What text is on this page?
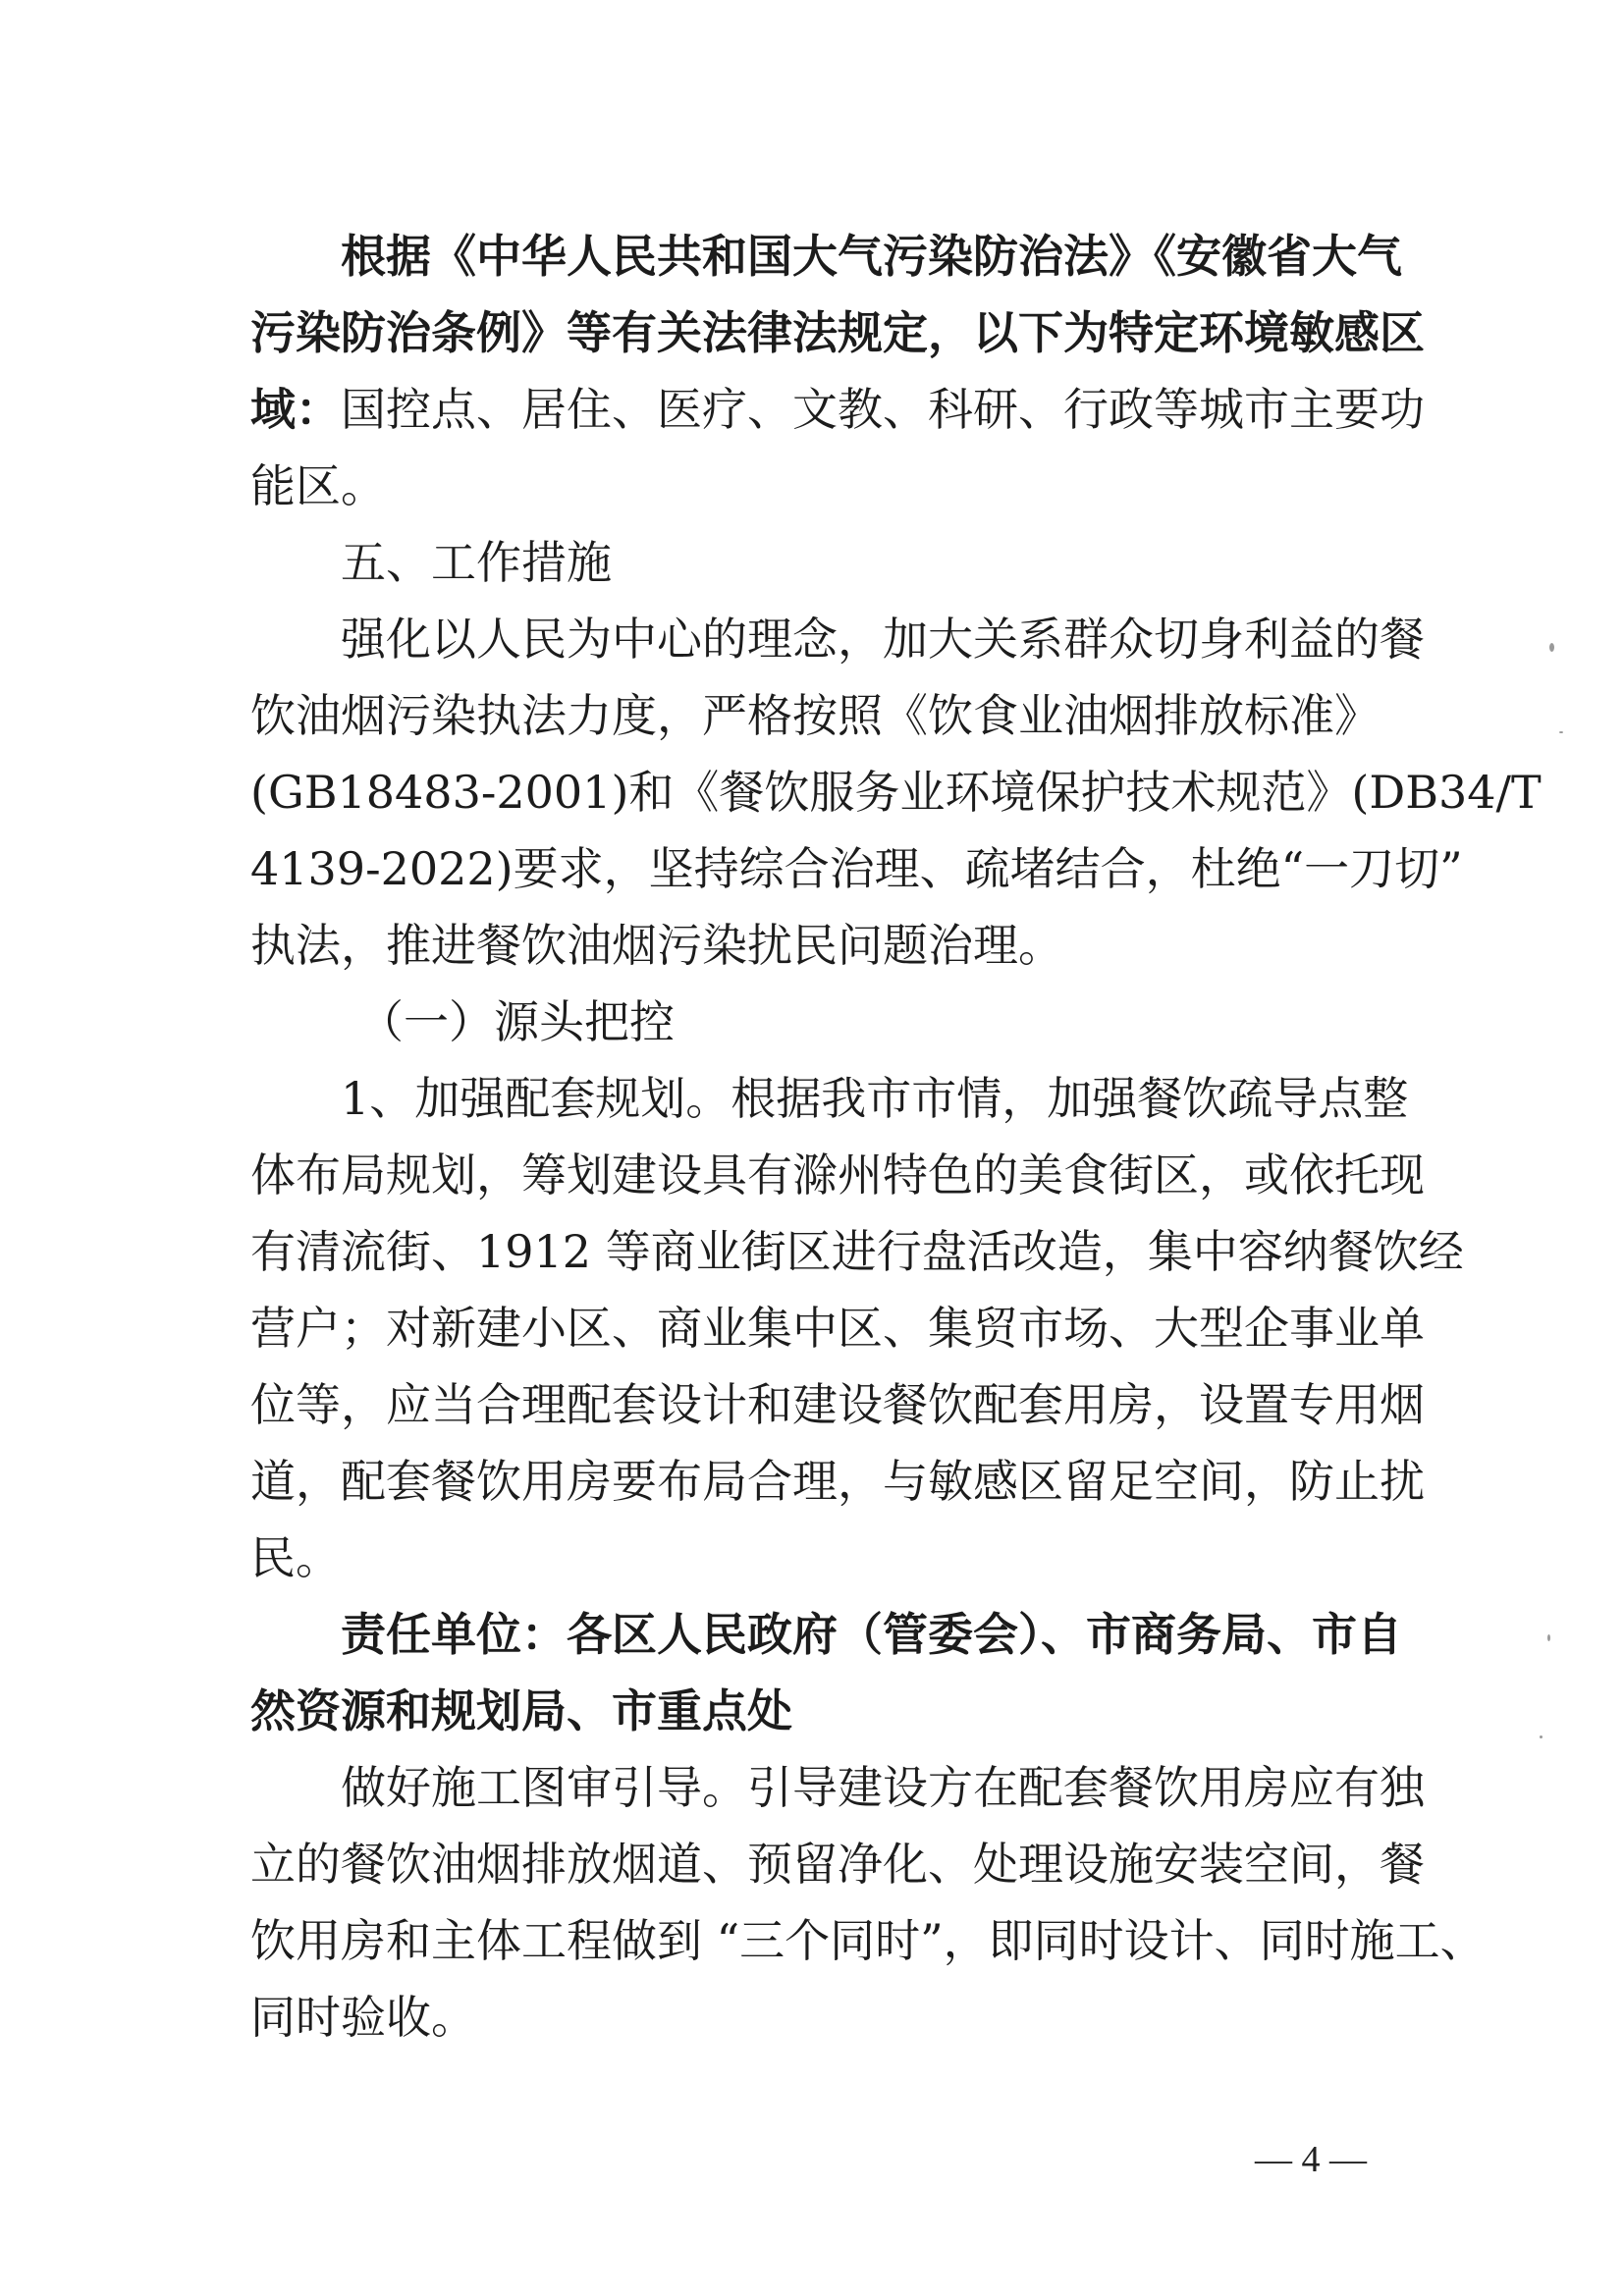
根据《中华人民共和国大气污染防治法》《安徽省大气
污染防治条例》等有关法律法规定，以下为特定环境敏感区
域：国控点、居住、医疗、文教、科研、行政等城市主要功
能区。
五、工作措施
强化以人民为中心的理念，加大关系群众切身利益的餐
饮油烟污染执法力度，严格按照《饮食业油烟排放标准》
(GB18483-2001)和《餐饮服务业环境保护技术规范》(DB34/T
4139-2022)要求，坚持综合治理、疏堵结合，杜绝“一刀切”
执法，推进餐饮油烟污染扰民问题治理。
（一）源头把控
1、加强配套规划。根据我市市情，加强餐饮疏导点整
体布局规划，筹划建设具有滁州特色的美食街区，或依托现
有清流街、1912 等商业街区进行盘活改造，集中容纳餐饮经
营户；对新建小区、商业集中区、集贸市场、大型企事业单
位等，应当合理配套设计和建设餐饮配套用房，设置专用烟
道，配套餐饮用房要布局合理，与敏感区留足空间，防止扰
民。
责任单位：各区人民政府（管委会）、市商务局、市自
然资源和规划局、市重点处
做好施工图审引导。引导建设方在配套餐饮用房应有独
立的餐饮油烟排放烟道、预留净化、处理设施安装空间，餐
饮用房和主体工程做到 “三个同时”，即同时设计、同时施工、
同时验收。
— 4 —
